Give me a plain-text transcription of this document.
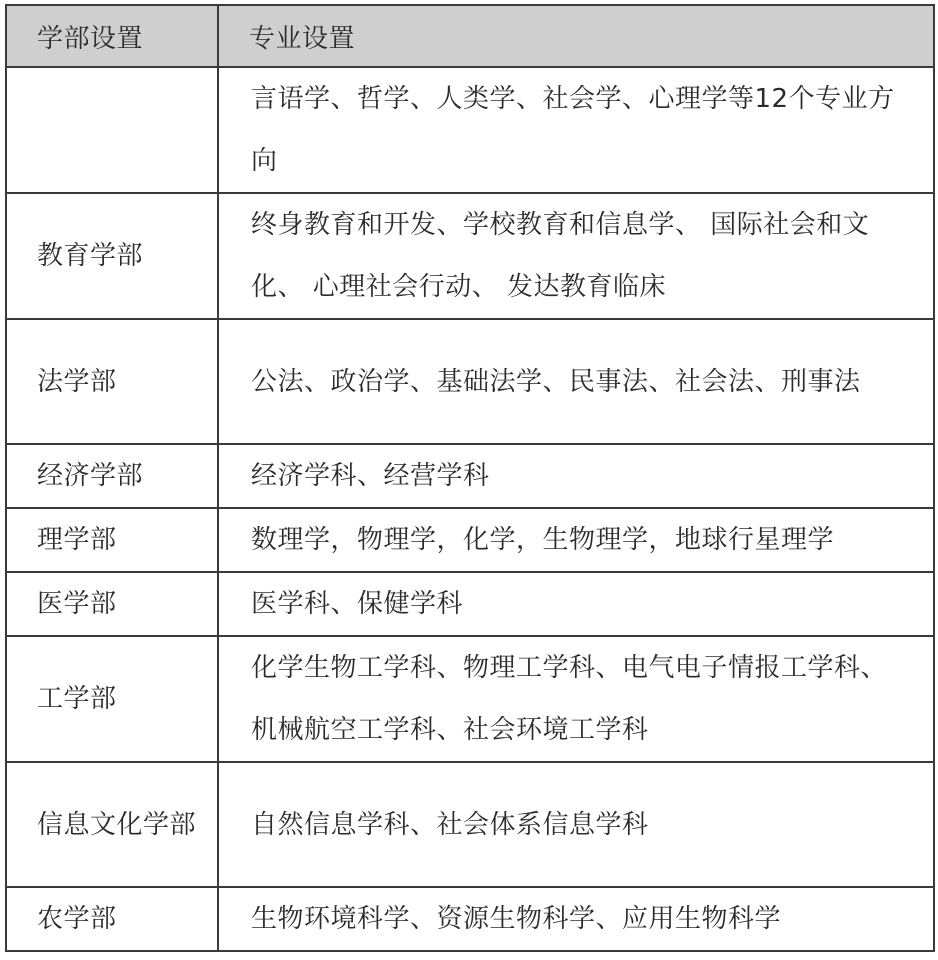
学部设置	专业设置
	言语学、哲学、人类学、社会学、心理学等12个专业方向
教育学部	终身教育和开发、学校教育和信息学、 国际社会和文化、 心理社会行动、 发达教育临床
法学部	公法、政治学、基础法学、民事法、社会法、刑事法
经济学部	经济学科、经营学科
理学部	数理学，物理学，化学，生物理学，地球行星理学
医学部	医学科、保健学科
工学部	化学生物工学科、物理工学科、电气电子情报工学科、机械航空工学科、社会环境工学科
信息文化学部	自然信息学科、社会体系信息学科
农学部	生物环境科学、资源生物科学、应用生物科学
